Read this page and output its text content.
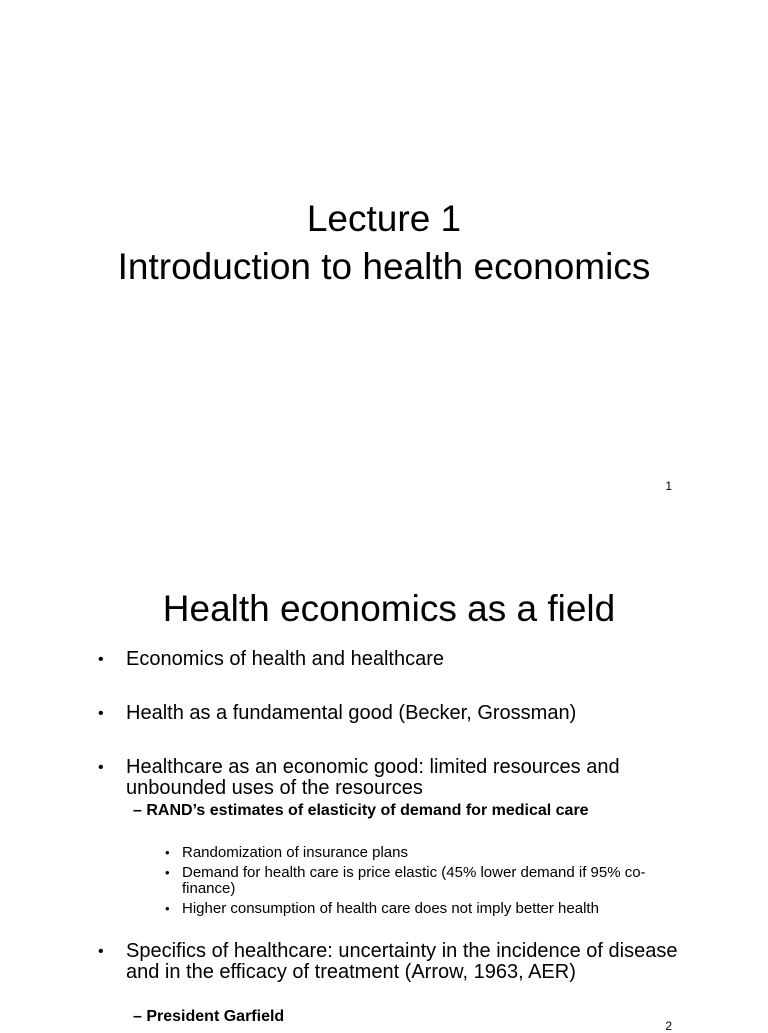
Lecture 1
Introduction to health economics
1
Health economics as a field
• Economics of health and healthcare
• Health as a fundamental good (Becker, Grossman)
• Healthcare as an economic good: limited resources and unbounded uses of the resources
– RAND’s estimates of elasticity of demand for medical care
• Randomization of insurance plans
• Demand for health care is price elastic (45% lower demand if 95% co-finance)
• Higher consumption of health care does not imply better health
• Specifics of healthcare: uncertainty in the incidence of disease and in the efficacy of treatment (Arrow, 1963, AER)
– President Garfield
2
